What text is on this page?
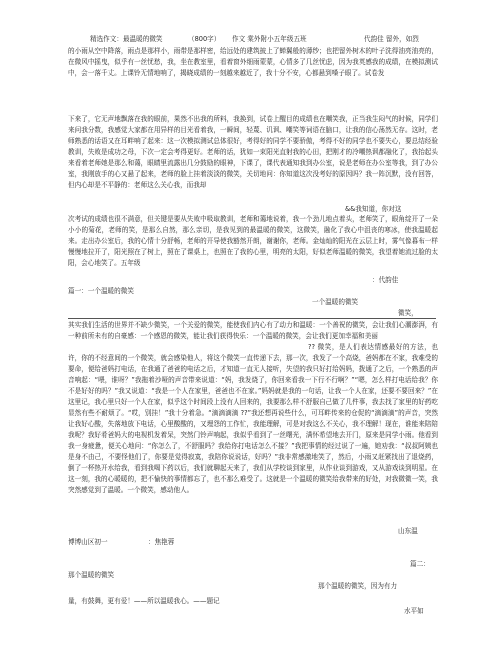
精选作文：最温暖的微笑	（800字） 作文 棠外附小五年级五班	代韵佳 留外，如烈
的小雨从空中降落，雨点是那样小，雨带是那样密，给远处的建筑披上了蝉翼般的薄纱；也把留外树木的叶子洗得油亮油亮的，在微风中摇曳，似乎有一丝忧愁，我，坐在教室里，看着窗外细雨蒙蒙，心情多了几丝忧虑，因为我英感我的成绩，在模拟测试中，会一落千丈。上课铃无情地响了，揭晓成绩的一刻越来越近了，我十分不安，心都悬到嗓子眼了。试卷发
下来了，它无声地飘落在我的眼前，果然不出我的所料，我换到，试卷上醒目的成绩也在嘲笑我，正当我生闷气的时候，同学们来问我分数，我感觉大家都在用异样的目光看着我，一瞬间，轻蔑、讥讽、嘲笑等词语在脑口，让我的信心荡然无存。这时，老师熟悉的话语又在耳畔响了起来：这一次模拟测试总体很好，考得好的同学不要骄傲，考得不好的同学也不要失心，要总结经验教训，失败是成功之母，下次一定会考得更好。老师的话，犹如一束阳光直射我的心田，把刚才的冷嘲热讽都融化了，我抬起头来看着老师她是那么和蔼，眼睛里流露出几分鼓励的眼神，下课了，课代表通知我到办公室，说是老师在办公室等我，到了办公室，我刚放手的心又悬了起来，老师的脸上挂着淡淡的微笑，关切地问：你知道这次没考好的原因吗？我一阵沉默，没有回答，但内心却是不平静的：老师这么关心我，而我却
&&我知道，你对这
次考试的成绩也很不满意，但关键是要从失败中吸取教训，老师和蔼地说着，我一个劲儿地点着头，老师笑了，眼角绽开了一朵小小的菊花，老师的笑，是那么自然，那么亲切，是我见到的最温暖的微笑，这微笑，融化了我心中沮丧的寒冰，使我温暖起来。走出办公室后，我的心情十分舒畅，老师的开导使我豁然开朗，谢谢你，老师。金灿灿的阳光在云层上时，雾气像暮布一样慢慢地拉开了，阳光照在了树上，照在了课桌上，也照在了我的心里，明亮的太阳，好似老师温暖的微笑，我望着她流过脸的太阳，会心地笑了。五年级
：代韵佳
篇一：一个温暖的微笑
一个温暖的微笑
微笑，
其实我们生活的世界并不缺少微笑，一个关爱的微笑，能使我们内心有了动力和温暖：一个善祝的微笑，会让我们心潮澎湃，有一种前所未有的自豪感：一个感恩的微笑，能让我们获得快乐：一个温暖的微笑，会让我们更加幸福和美丽
?? 微笑，是人们表达情感最好的方法，也许，你的不经意间的一个微笑，就会感染他人，将这个微笑一直传递下去，那一次，我发了一个高烧，爸妈都在不家，我难受的要命，便给爸妈打电话，在我通了爸爸的电话之后，才知道一直无人接听，失望的我只好打给妈妈，拨通了之后，一个熟悉的声音响起：“喂，谁呀？”我拖着沙哑的声音带来说道：“妈，我发烧了，你回来看我一下行不行啊？”“嗯，怎么样打电话给我？你不是好好的吗？”我又说道：“我是一个人在家里，爸爸也不在家。”妈妈就是我的一句话，让我一个人在家，还要不要回来？”在这里记，我心里只好一个人在家，似乎这个时间段上没有人回来的，我要那么样不舒服自己做了几件事，我去找了家里的好药吃
显然有些不耐烦了。“哎，别挂！”我十分着急。“滴滴滴滴 ??”我还想再说些什么，可耳畔传来的仓促的“滴滴滴”的声音，突然让我好心酸，失落地放下电话，心里酸酸的，又埋怨的工作忙，我能理解，可是对我这么不关心，我不理解！现在，谁能来陪陪我呢？我好肴爸妈大的电视机发着呆，突然门铃声响起，我似乎看到了一丝曙光，满怀希望地去开门，原来是同学小雨。他看到我一身疲惫，便关心地问：“你怎么了，不舒服吗？我给你打电话怎么不接？”我把事情的经过说了一遍，她劝我：“叔叔阿姨也是身不由己，不要怪他们了，你要是觉得寂寞，我陪你说说话，好吗？”我非常感激地笑了，然后，小雨又赶紧找出了退烧药，倒了一杯热开水给我，看到我喝下药以后，我们就聊起天来了，我们从学校谈到家里，从作业谈到游戏，又从游戏谈到明星。在这一刻，我的心暖暖的，把不愉快的事情都忘了，也不那么难受了。这就是一个温暖的微笑给我带来的好处，对我微微一笑，我突然感觉到了温暖。一个微笑，感动他人。
山东温
博博山区初一	：焦艳蓉
篇二：
那个温暖的微笑
那个温暖的微笑，因为有力
量，有鼓舞，更有爱！——所以温暖我心。——题记
水平如
